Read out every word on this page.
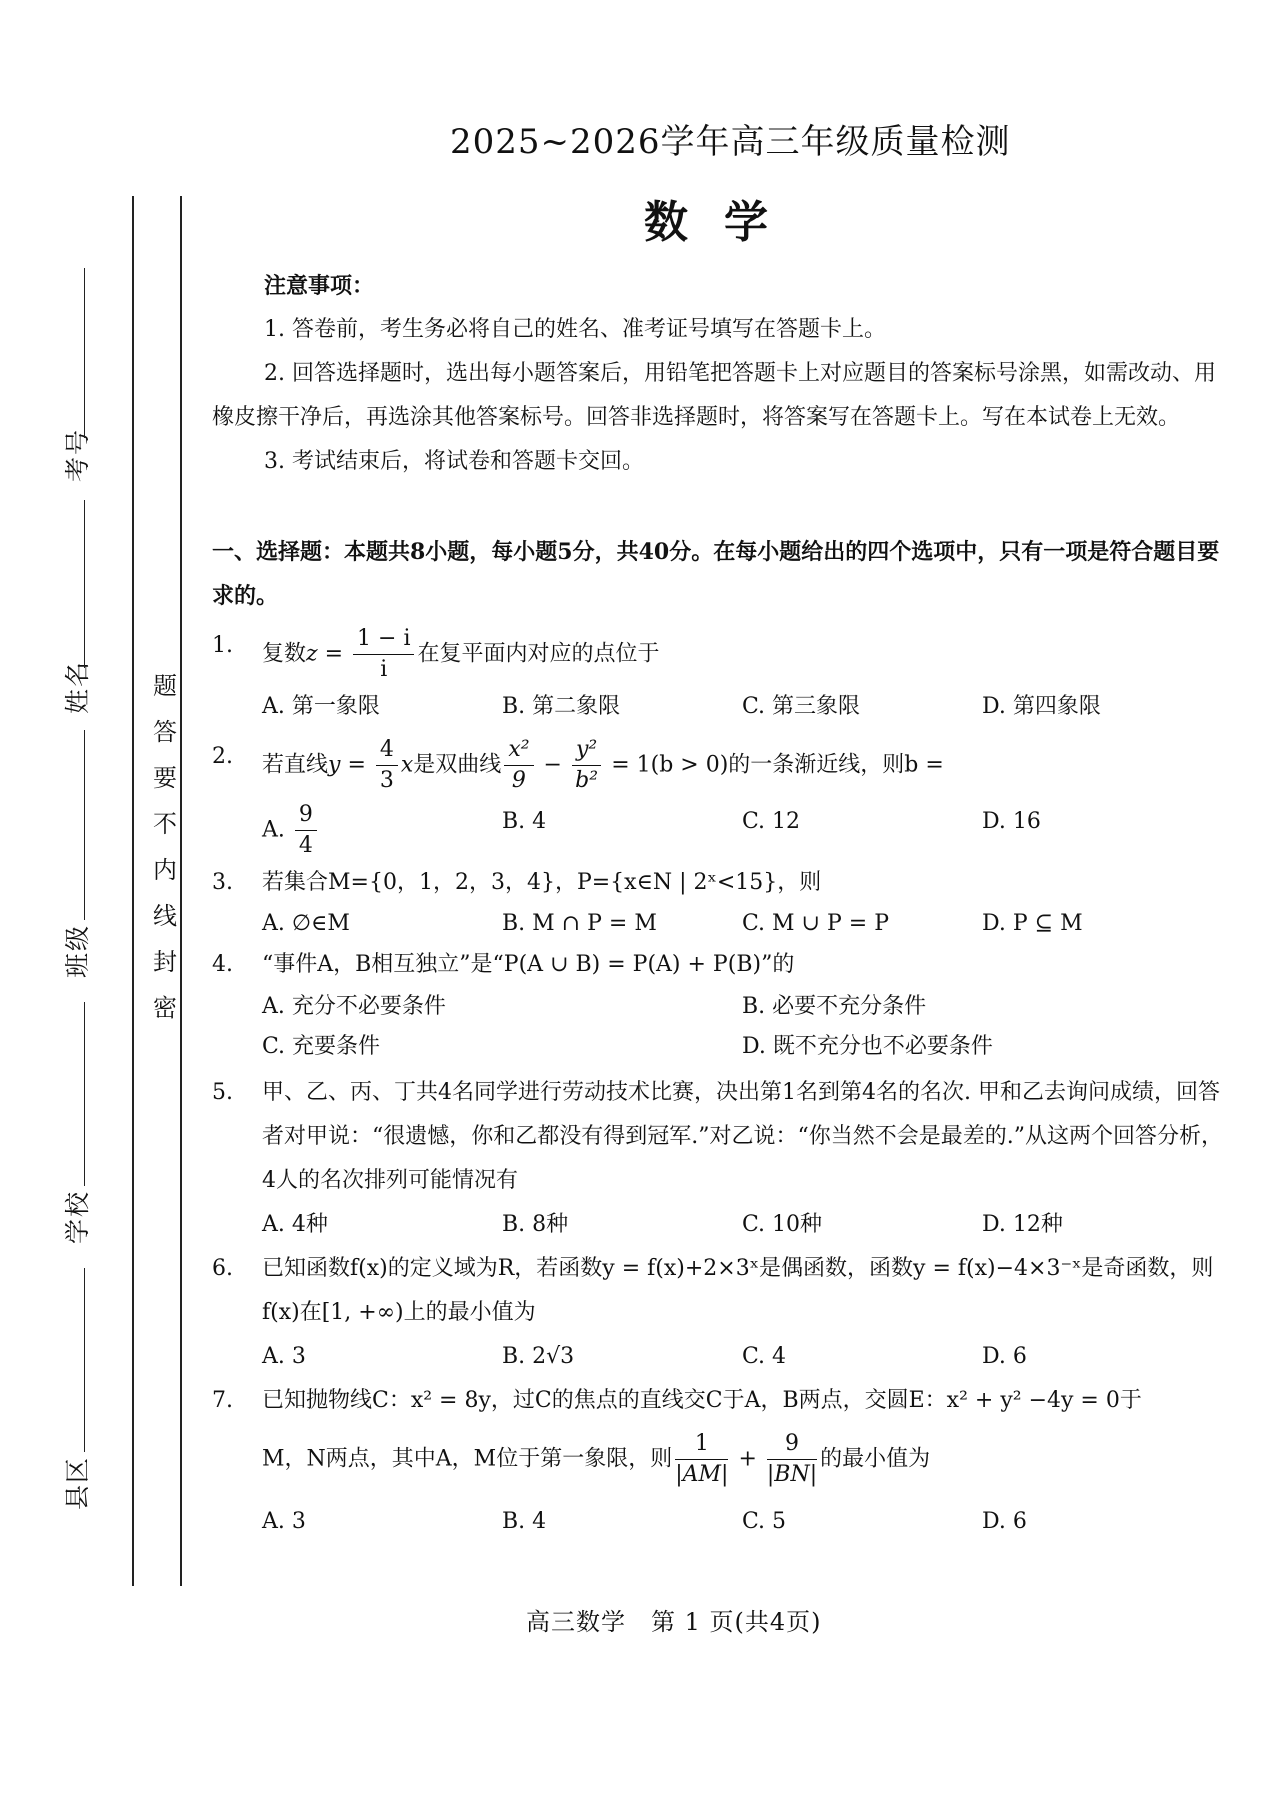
考号
姓名
班级
学校
县区
题
答
要
不
内
线
封
密
2025~2026学年高三年级质量检测
数学
注意事项：
1. 答卷前，考生务必将自己的姓名、准考证号填写在答题卡上。
2. 回答选择题时，选出每小题答案后，用铅笔把答题卡上对应题目的答案标号涂黑，如需改动、用橡皮擦干净后，再选涂其他答案标号。回答非选择题时，将答案写在答题卡上。写在本试卷上无效。
3. 考试结束后，将试卷和答题卡交回。
一、选择题：本题共8小题，每小题5分，共40分。在每小题给出的四个选项中，只有一项是符合题目要求的。
1. 复数$z = \frac{1 - i}{i}$ 在复平面内对应的点位于
A. 第一象限	B. 第二象限	C. 第三象限	D. 第四象限
2. 若直线$y = \frac{4}{3}$ x是双曲线 $\frac{\text{x²}}{9} - \frac{\text{y²}}{\text{b²}} = 1(b > 0)$的一条渐近线，则b =
A. $\frac{9}{4}$	B. 4	C. 12	D. 16
3. 若集合M={0，1，2，3，4}，P={x∈N | 2ˣ<15}，则
A. ∅∈M	B. M ∩ P = M	C. M ∪ P = P	D. P ⊆ M
4. “事件A，B相互独立”是“P(A ∪ B) = P(A) + P(B)”的
A. 充分不必要条件	B. 必要不充分条件
C. 充要条件	D. 既不充分也不必要条件
5. 甲、乙、丙、丁共4名同学进行劳动技术比赛，决出第1名到第4名的名次. 甲和乙去询问成绩，回答者对甲说：“很遗憾，你和乙都没有得到冠军.”对乙说：“你当然不会是最差的.”从这两个回答分析，4人的名次排列可能情况有
A. 4种	B. 8种	C. 10种	D. 12种
6. 已知函数f(x)的定义域为R，若函数y = f(x)+2×3ˣ是偶函数，函数y = f(x)−4×3⁻ˣ是奇函数，则f(x)在[1, +∞)上的最小值为
A. 3	B. 2√3	C. 4	D. 6
7. 已知抛物线C：x² = 8y，过C的焦点的直线交C于A，B两点，交圆E：x² + y² −4y = 0于
M，N两点，其中A，M位于第一象限，则 $\frac{1}{|AM|} + \frac{9}{|BN|}$ 的最小值为
A. 3	B. 4	C. 5	D. 6
高三数学　第 1 页(共4页)
